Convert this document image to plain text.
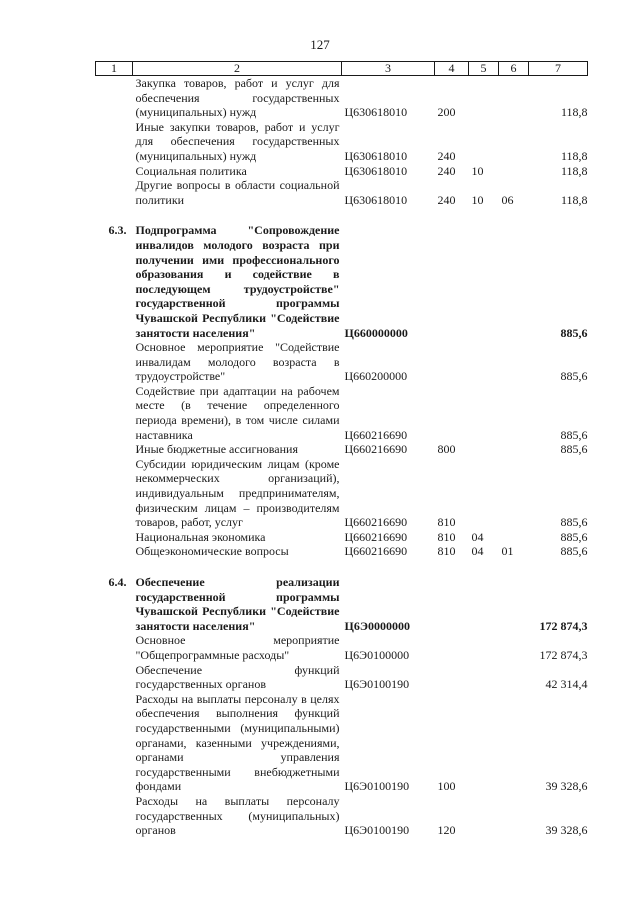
127
1	2	3	4	5	6	7
	Закупка товаров, работ и услуг для обеспечения государственных (муниципальных) нужд	Ц630618010	200			118,8
	Иные закупки товаров, работ и услуг для обеспечения государственных (муниципальных) нужд	Ц630618010	240			118,8
	Социальная политика	Ц630618010	240	10		118,8
	Другие вопросы в области социальной политики	Ц630618010	240	10	06	118,8

6.3.	Подпрограмма "Сопровождение инвалидов молодого возраста при получении ими профессионального образования и содействие в последующем трудоустройстве" государственной программы Чувашской Республики "Содействие занятости населения"	Ц660000000				885,6
	Основное мероприятие "Содействие инвалидам молодого возраста в трудоустройстве"	Ц660200000				885,6
	Содействие при адаптации на рабочем месте (в течение определенного периода времени), в том числе силами наставника	Ц660216690				885,6
	Иные бюджетные ассигнования	Ц660216690	800			885,6
	Субсидии юридическим лицам (кроме некоммерческих организаций), индивидуальным предпринимателям, физическим лицам – производителям товаров, работ, услуг	Ц660216690	810			885,6
	Национальная экономика	Ц660216690	810	04		885,6
	Общеэкономические вопросы	Ц660216690	810	04	01	885,6

6.4.	Обеспечение реализации государственной программы Чувашской Республики "Содействие занятости населения"	Ц6Э0000000				172 874,3
	Основное мероприятие "Общепрограммные расходы"	Ц6Э0100000				172 874,3
	Обеспечение функций государственных органов	Ц6Э0100190				42 314,4
	Расходы на выплаты персоналу в целях обеспечения выполнения функций государственными (муниципальными) органами, казенными учреждениями, органами управления государственными внебюджетными фондами	Ц6Э0100190	100			39 328,6
	Расходы на выплаты персоналу государственных (муниципальных) органов	Ц6Э0100190	120			39 328,6
